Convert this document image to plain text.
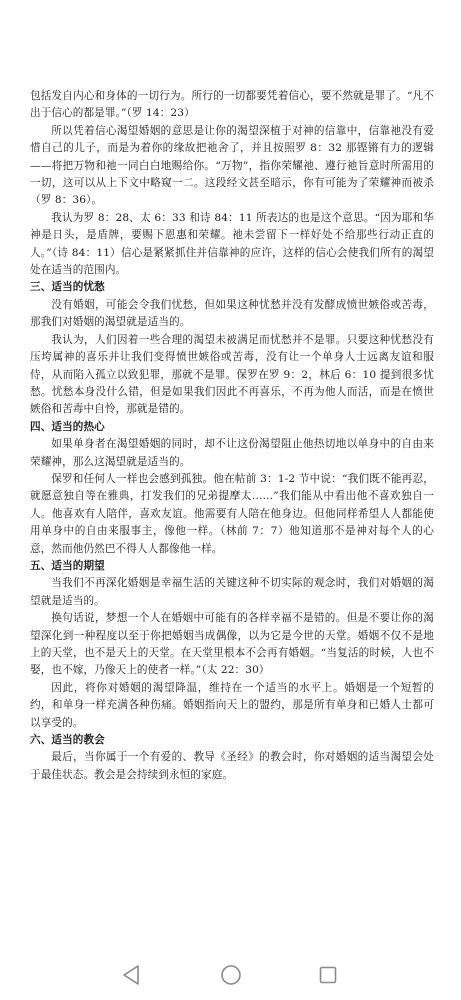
包括发自内心和身体的一切行为。所行的一切都要凭着信心，要不然就是罪了。“凡不出于信心的都是罪。”（罗 14：23）

所以凭着信心渴望婚姻的意思是让你的渴望深植于对神的信靠中，信靠祂没有爱惜自己的儿子，而是为着你的缘故把祂舍了，并且按照罗 8：32 那铿锵有力的逻辑——将把万物和祂一同白白地赐给你。“万物”，指你荣耀祂、遵行祂旨意时所需用的一切，这可以从上下文中略窥一二。这段经文甚至暗示，你有可能为了荣耀神而被杀（罗 8：36）。

我认为罗 8：28、太 6：33 和诗 84：11 所表达的也是这个意思。“因为耶和华神是日头，是盾牌，要赐下恩惠和荣耀。祂未尝留下一样好处不给那些行动正直的人。”（诗 84：11）信心是紧紧抓住并信靠神的应许，这样的信心会使我们所有的渴望处在适当的范围内。

三、适当的忧愁

没有婚姻，可能会令我们忧愁，但如果这种忧愁并没有发酵成愤世嫉俗或苦毒，那我们对婚姻的渴望就是适当的。

我认为，人们因着一些合理的渴望未被满足而忧愁并不是罪。只要这种忧愁没有压垮属神的喜乐并让我们变得愤世嫉俗或苦毒，没有让一个单身人士远离友谊和服侍，从而陷入孤立以致犯罪，那就不是罪。保罗在罗 9：2，林后 6：10 提到很多忧愁。忧愁本身没什么错，但是如果我们因此不再喜乐，不再为他人而活，而是在愤世嫉俗和苦毒中自怜，那就是错的。

四、适当的热心

如果单身者在渴望婚姻的同时，却不让这份渴望阻止他热切地以单身中的自由来荣耀神，那么这渴望就是适当的。

保罗和任何人一样也会感到孤独。他在帖前 3：1-2 节中说：“我们既不能再忍，就愿意独自等在雅典，打发我们的兄弟提摩太……”我们能从中看出他不喜欢独自一人。他喜欢有人陪伴，喜欢友谊。他需要有人陪在他身边。但他同样希望人人都能使用单身中的自由来服事主，像他一样。（林前 7：7）他知道那不是神对每个人的心意，然而他仍然巴不得人人都像他一样。

五、适当的期望

当我们不再深化婚姻是幸福生活的关键这种不切实际的观念时，我们对婚姻的渴望就是适当的。

换句话说，梦想一个人在婚姻中可能有的各样幸福不是错的。但是不要让你的渴望深化到一种程度以至于你把婚姻当成偶像，以为它是今世的天堂。婚姻不仅不是地上的天堂，也不是天上的天堂。在天堂里根本不会再有婚姻。“当复活的时候，人也不娶，也不嫁，乃像天上的使者一样。”（太 22：30）

因此，将你对婚姻的渴望降温，维持在一个适当的水平上。婚姻是一个短暂的约，和单身一样充满各种伤痛。婚姻指向天上的盟约，那是所有单身和已婚人士都可以享受的。

六、适当的教会

最后，当你属于一个有爱的、教导《圣经》的教会时，你对婚姻的适当渴望会处于最佳状态。教会是会持续到永恒的家庭。
